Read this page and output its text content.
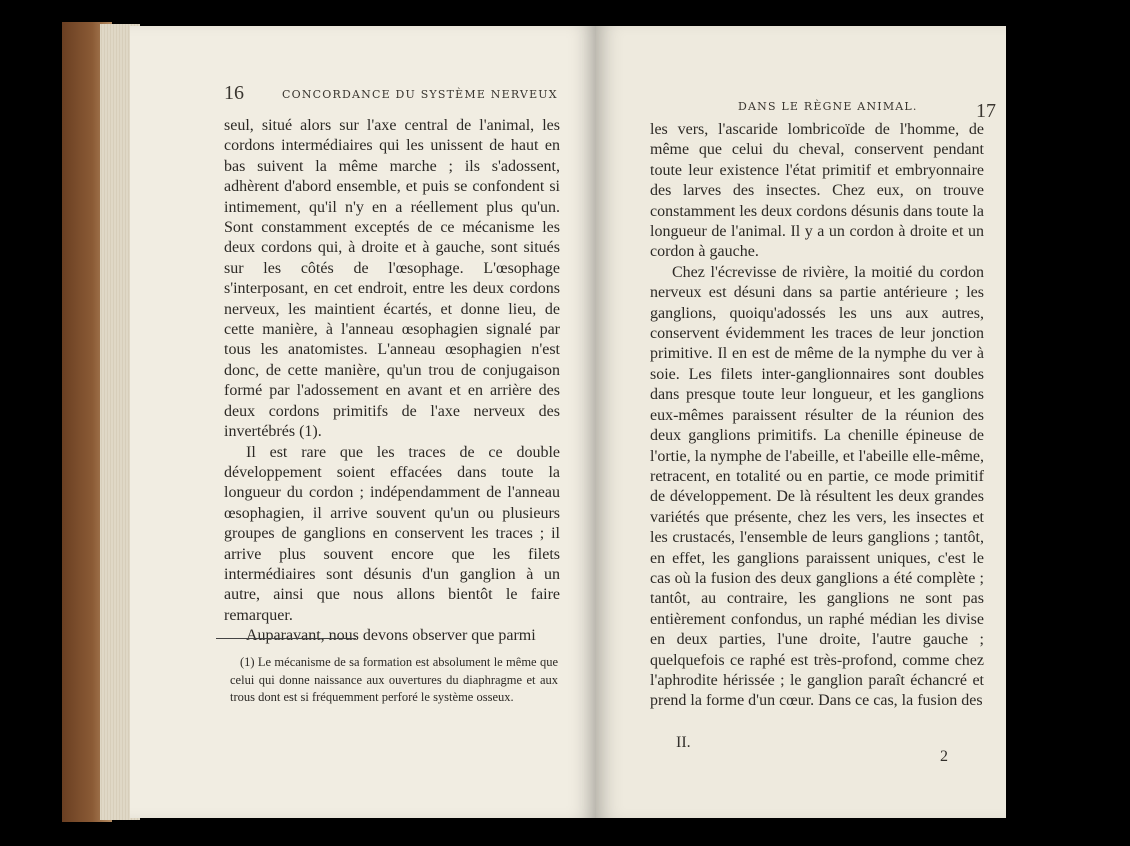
16	CONCORDANCE DU SYSTÈME NERVEUX

seul, situé alors sur l'axe central de l'animal, les cordons intermédiaires qui les unissent de haut en bas suivent la même marche ; ils s'adossent, adhèrent d'abord ensemble, et puis se confondent si intimement, qu'il n'y en a réellement plus qu'un. Sont constamment exceptés de ce mécanisme les deux cordons qui, à droite et à gauche, sont situés sur les côtés de l'œsophage. L'œsophage s'interposant, en cet endroit, entre les deux cordons nerveux, les maintient écartés, et donne lieu, de cette manière, à l'anneau œsophagien signalé par tous les anatomistes. L'anneau œsophagien n'est donc, de cette manière, qu'un trou de conjugaison formé par l'adossement en avant et en arrière des deux cordons primitifs de l'axe nerveux des invertébrés (1).

Il est rare que les traces de ce double développement soient effacées dans toute la longueur du cordon ; indépendamment de l'anneau œsophagien, il arrive souvent qu'un ou plusieurs groupes de ganglions en conservent les traces ; il arrive plus souvent encore que les filets intermédiaires sont désunis d'un ganglion à un autre, ainsi que nous allons bientôt le faire remarquer.

Auparavant, nous devons observer que parmi

(1) Le mécanisme de sa formation est absolument le même que celui qui donne naissance aux ouvertures du diaphragme et aux trous dont est si fréquemment perforé le système osseux.
DANS LE RÈGNE ANIMAL.	17

les vers, l'ascaride lombricoïde de l'homme, de même que celui du cheval, conservent pendant toute leur existence l'état primitif et embryonnaire des larves des insectes. Chez eux, on trouve constamment les deux cordons désunis dans toute la longueur de l'animal. Il y a un cordon à droite et un cordon à gauche.

Chez l'écrevisse de rivière, la moitié du cordon nerveux est désuni dans sa partie antérieure ; les ganglions, quoiqu'adossés les uns aux autres, conservent évidemment les traces de leur jonction primitive. Il en est de même de la nymphe du ver à soie. Les filets inter-ganglionnaires sont doubles dans presque toute leur longueur, et les ganglions eux-mêmes paraissent résulter de la réunion des deux ganglions primitifs. La chenille épineuse de l'ortie, la nymphe de l'abeille, et l'abeille elle-même, retracent, en totalité ou en partie, ce mode primitif de développement. De là résultent les deux grandes variétés que présente, chez les vers, les insectes et les crustacés, l'ensemble de leurs ganglions ; tantôt, en effet, les ganglions paraissent uniques, c'est le cas où la fusion des deux ganglions a été complète ; tantôt, au contraire, les ganglions ne sont pas entièrement confondus, un raphé médian les divise en deux parties, l'une droite, l'autre gauche ; quelquefois ce raphé est très-profond, comme chez l'aphrodite hérissée ; le ganglion paraît échancré et prend la forme d'un cœur. Dans ce cas, la fusion des

II.
2
